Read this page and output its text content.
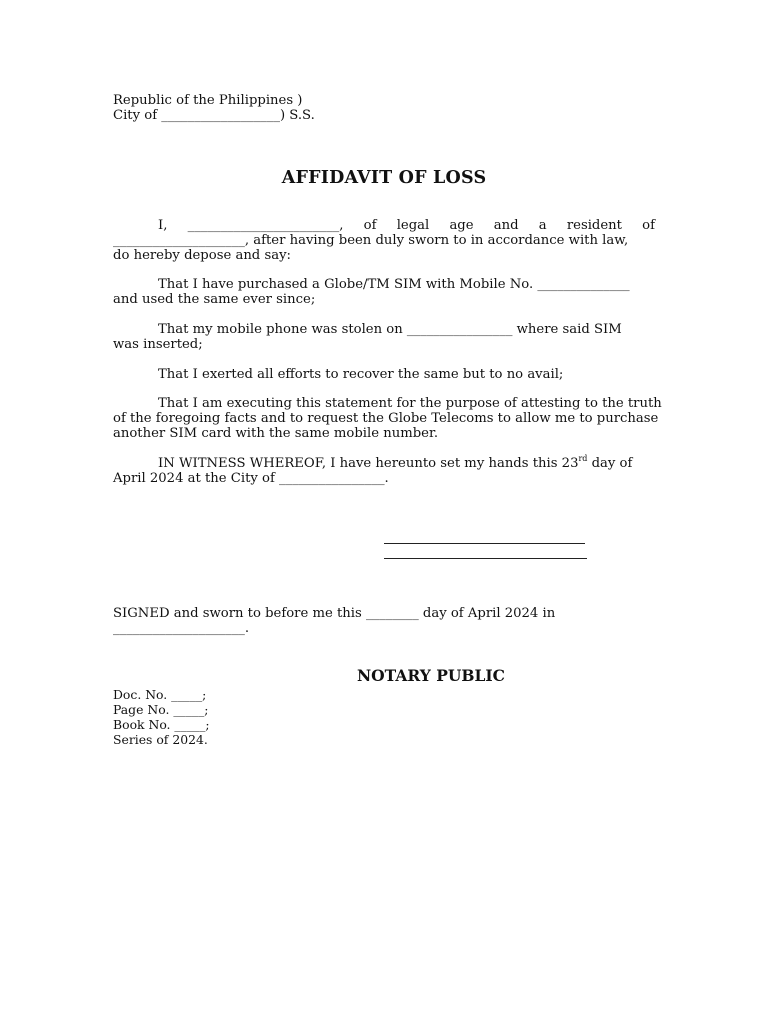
Republic of the Philippines )
City of __________________) S.S.
AFFIDAVIT OF LOSS
I, _______________________, of legal age and a resident of
____________________, after having been duly sworn to in accordance with law,
do hereby depose and say:
That I have purchased a Globe/TM SIM with Mobile No. ______________
and used the same ever since;
That my mobile phone was stolen on ________________ where said SIM
was inserted;
That I exerted all efforts to recover the same but to no avail;
That I am executing this statement for the purpose of attesting to the truth
of the foregoing facts and to request the Globe Telecoms to allow me to purchase
another SIM card with the same mobile number.
IN WITNESS WHEREOF, I have hereunto set my hands this 23rd day of
April 2024 at the City of ________________.
SIGNED and sworn to before me this ________ day of April 2024 in
____________________.
NOTARY PUBLIC
Doc. No. _____;
Page No. _____;
Book No. _____;
Series of 2024.
